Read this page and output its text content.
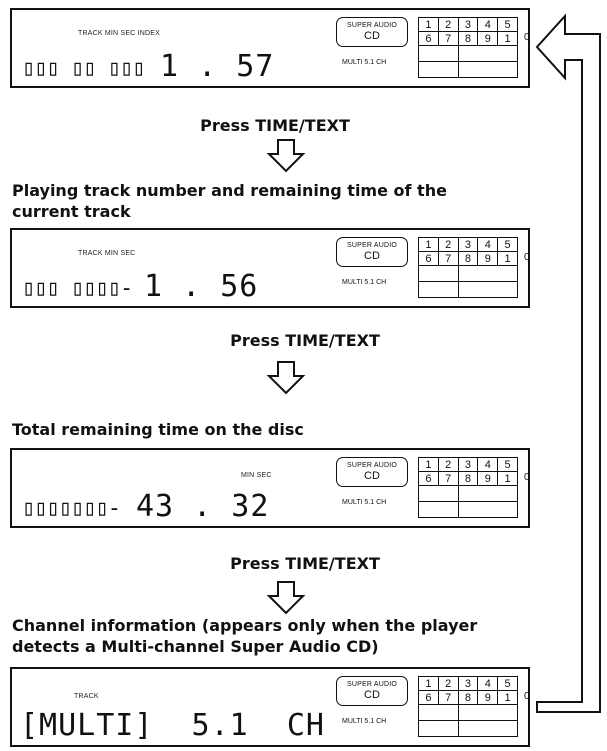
TRACK MIN SEC INDEX
▯▯▯ ▯▯ ▯▯▯ 1 . 57
SUPER AUDIO
CD
MULTI 5.1 CH
1	2	3	4	5
6	7	8	9	1

	0
Press TIME/TEXT
Playing track number and remaining time of the current track
TRACK MIN SEC
▯▯▯ ▯▯▯▯- 1 . 56
SUPER AUDIO
CD
MULTI 5.1 CH
1	2	3	4	5
6	7	8	9	1

	0
Press TIME/TEXT
Total remaining time on the disc
MIN SEC
▯▯▯▯▯▯▯- 43 . 32
SUPER AUDIO
CD
MULTI 5.1 CH
1	2	3	4	5
6	7	8	9	1

	0
Press TIME/TEXT
Channel information (appears only when the player detects a Multi-channel Super Audio CD)
TRACK
[MULTI]  5.1  CH
SUPER AUDIO
CD
MULTI 5.1 CH
1	2	3	4	5
6	7	8	9	1

	0
